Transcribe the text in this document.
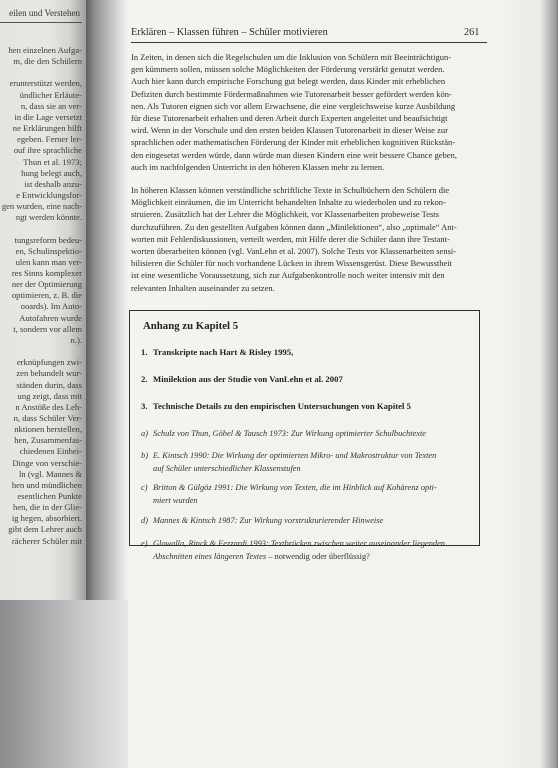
eilen und Verstehen
hen einzelnen Aufga-
m, die den Schülern
erunterstützt werden,
ündlicher Erläute-
n, dass sie an ver-
in die Lage versetzt
ne Erklärungen hilft
egeben. Ferner ler-
ouf ihre sprachliche
Thun et al. 1973;
hung belegt auch,
ist deshalb anzu-
e Entwicklungsfor-
gen wurden, eine nach-
ngt werden könnte.
tungsreform bedeu-
en, Schulinspektio-
ulen kann man ver-
res Sinns komplexer
ner der Optimierung
optimieren, z. B. die
ooards). Im Auto-
Autofahren wurde
t, sondern vor allem
n.).
erknüpfungen zwi-
zen behandelt wur-
ständen durin, dass
ung zeigt, dass mit
n Anstöße des Leh-
n, dass Schüler Ver-
nktionen herstellen,
hen, Zusammenfas-
chiedenen Einhei-
Dinge von verschie-
ln (vgl. Mannes &
hen und mündlichen
esentlichen Punkte
hen, die in der Glie-
ig hegen, absorbiert.
gibt dem Lehrer auch
rächerer Schüler mit
Erklären – Klassen führen – Schüler motivieren	261
In Zeiten, in denen sich die Regelschulen um die Inklusion von Schülern mit Beeinträchtigun-
gen kümmern sollen, müssen solche Möglichkeiten der Förderung verstärkt genutzt werden.
Auch hier kann durch empirische Forschung gut belegt werden, dass Kinder mit erheblichen
Defiziten durch bestimmte Fördermaßnahmen wie Tutorenarbeit besser gefördert werden kön-
nen. Als Tutoren eignen sich vor allem Erwachsene, die eine vergleichsweise kurze Ausbildung
für diese Tutorenarbeit erhalten und deren Arbeit durch Experten angeleitet und beaufsichtigt
wird. Wenn in der Vorschule und den ersten beiden Klassen Tutorenarbeit in dieser Weise zur
sprachlichen oder mathematischen Förderung der Kinder mit erheblichen kognitiven Rückstän-
den eingesetzt werden würde, dann würde man diesen Kindern eine weit bessere Chance geben,
auch im nachfolgenden Unterricht in den höheren Klassen mehr zu lernen.
In höheren Klassen können verständliche schriftliche Texte in Schulbüchern den Schülern die
Möglichkeit einräumen, die im Unterricht behandelten Inhalte zu wiederholen und zu rekon-
struieren. Zusätzlich hat der Lehrer die Möglichkeit, vor Klassenarbeiten probeweise Tests
durchzuführen. Zu den gestellten Aufgaben können dann „Minilektionen“, also „optimale“ Ant-
worten mit Fehlerdiskussionen, verteilt werden, mit Hilfe derer die Schüler dann ihre Testant-
worten überarbeiten können (vgl. VanLehn et al. 2007). Solche Tests vor Klassenarbeiten sensi-
bilisieren die Schüler für noch vorhandene Lücken in ihrem Wissensgerüst. Diese Bewusstheit
ist eine wesentliche Voraussetzung, sich zur Aufgabenkontrolle noch weiter intensiv mit den
relevanten Inhalten auseinander zu setzen.
Anhang zu Kapitel 5
1. Transkripte nach Hart & Risley 1995,
2. Minilektion aus der Studie von VanLehn et al. 2007
3. Technische Details zu den empirischen Untersuchungen von Kapitel 5
a) Schulz von Thun, Göbel & Tausch 1973: Zur Wirkung optimierter Schulbuchtexte
b) E. Kintsch 1990: Die Wirkung der optimierten Mikro- und Makrostruktur von Texten
auf Schüler unterschiedlicher Klassenstufen
c) Britton & Gülgöz 1991: Die Wirkung von Texten, die im Hinblick auf Kohärenz opti-
miert wurden
d) Mannes & Kintsch 1987: Zur Wirkung vorstrukturierender Hinweise
e) Glowalla, Rinck & Fezzardi 1993: Textbrücken zwischen weiter auseinander liegenden
Abschnitten eines längeren Textes – notwendig oder überflüssig?
